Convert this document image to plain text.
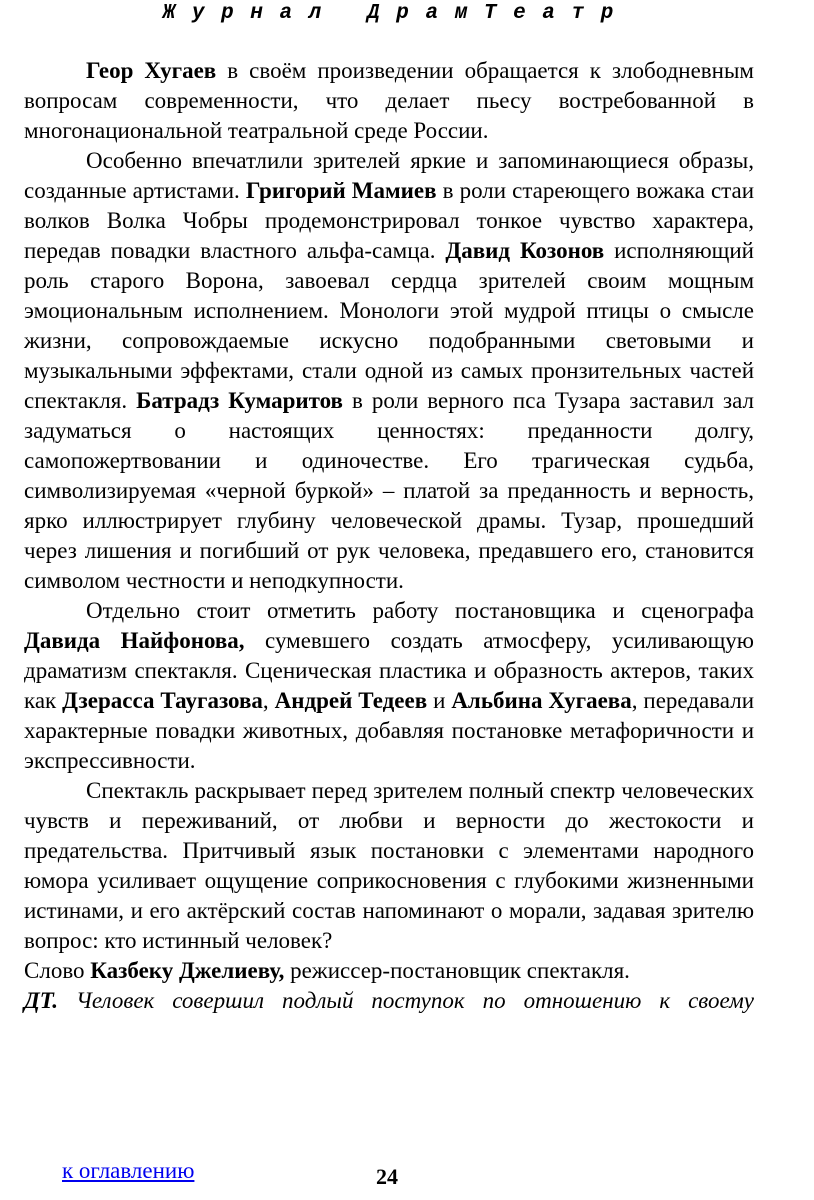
Ж у р н а л   Д р а м Т е а т р

Геор Хугаев в своём произведении обращается к злободневным вопросам современности, что делает пьесу востребованной в многонациональной театральной среде России.

Особенно впечатлили зрителей яркие и запоминающиеся образы, созданные артистами. Григорий Мамиев в роли стареющего вожака стаи волков Волка Чобры продемонстрировал тонкое чувство характера, передав повадки властного альфа-самца. Давид Козонов исполняющий роль старого Ворона, завоевал сердца зрителей своим мощным эмоциональным исполнением. Монологи этой мудрой птицы о смысле жизни, сопровождаемые искусно подобранными световыми и музыкальными эффектами, стали одной из самых пронзительных частей спектакля. Батрадз Кумаритов в роли верного пса Тузара заставил зал задуматься о настоящих ценностях: преданности долгу, самопожертвовании и одиночестве. Его трагическая судьба, символизируемая «черной буркой» – платой за преданность и верность, ярко иллюстрирует глубину человеческой драмы. Тузар, прошедший через лишения и погибший от рук человека, предавшего его, становится символом честности и неподкупности.

Отдельно стоит отметить работу постановщика и сценографа Давида Найфонова, сумевшего создать атмосферу, усиливающую драматизм спектакля. Сценическая пластика и образность актеров, таких как Дзерасса Таугазова, Андрей Тедеев и Альбина Хугаева, передавали характерные повадки животных, добавляя постановке метафоричности и экспрессивности.

Спектакль раскрывает перед зрителем полный спектр человеческих чувств и переживаний, от любви и верности до жестокости и предательства. Притчивый язык постановки с элементами народного юмора усиливает ощущение соприкосновения с глубокими жизненными истинами, и его актёрский состав напоминают о морали, задавая зрителю вопрос: кто истинный человек?

Слово Казбеку Джелиеву, режиссер-постановщик спектакля.

ДТ. Человек совершил подлый поступок по отношению к своему

к оглавлению	24
